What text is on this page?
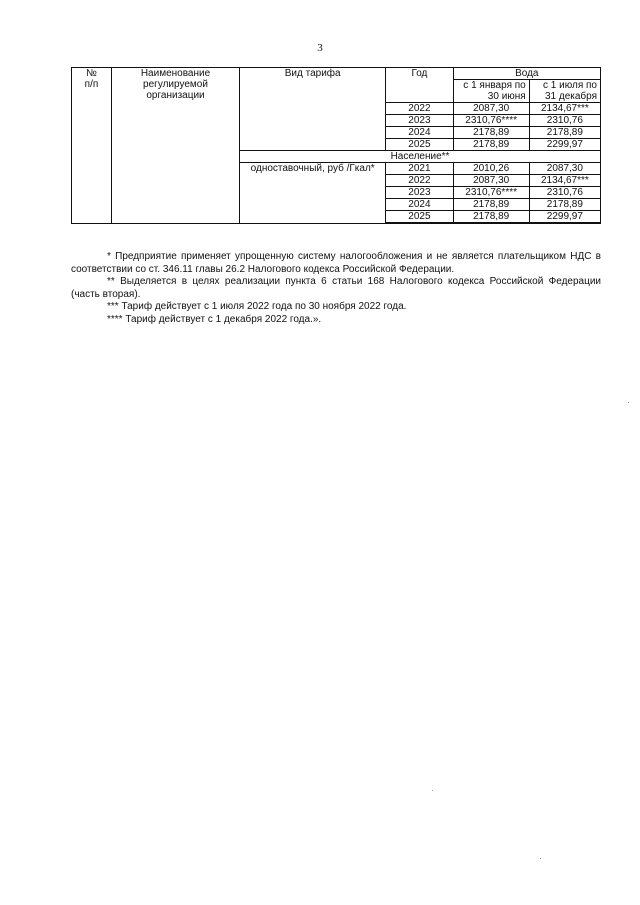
3
№
п/п	Наименование регулируемой организации	Вид тарифа	Год	Вода	
				с 1 января по 30 июня	с 1 июля по 31 декабря
			2022	2087,30	2134,67***
			2023	2310,76****	2310,76
			2024	2178,89	2178,89
			2025	2178,89	2299,97
		Население**			
		одноставочный, руб /Гкал*	2021	2010,26	2087,30
			2022	2087,30	2134,67***
			2023	2310,76****	2310,76
			2024	2178,89	2178,89
			2025	2178,89	2299,97

* Предприятие применяет упрощенную систему налогообложения и не является плательщиком НДС в соответствии со ст. 346.11 главы 26.2 Налогового кодекса Российской Федерации.

** Выделяется в целях реализации пункта 6 статьи 168 Налогового кодекса Российской Федерации (часть вторая).

*** Тариф действует с 1 июля 2022 года по 30 ноября 2022 года.

**** Тариф действует с 1 декабря 2022 года.».
